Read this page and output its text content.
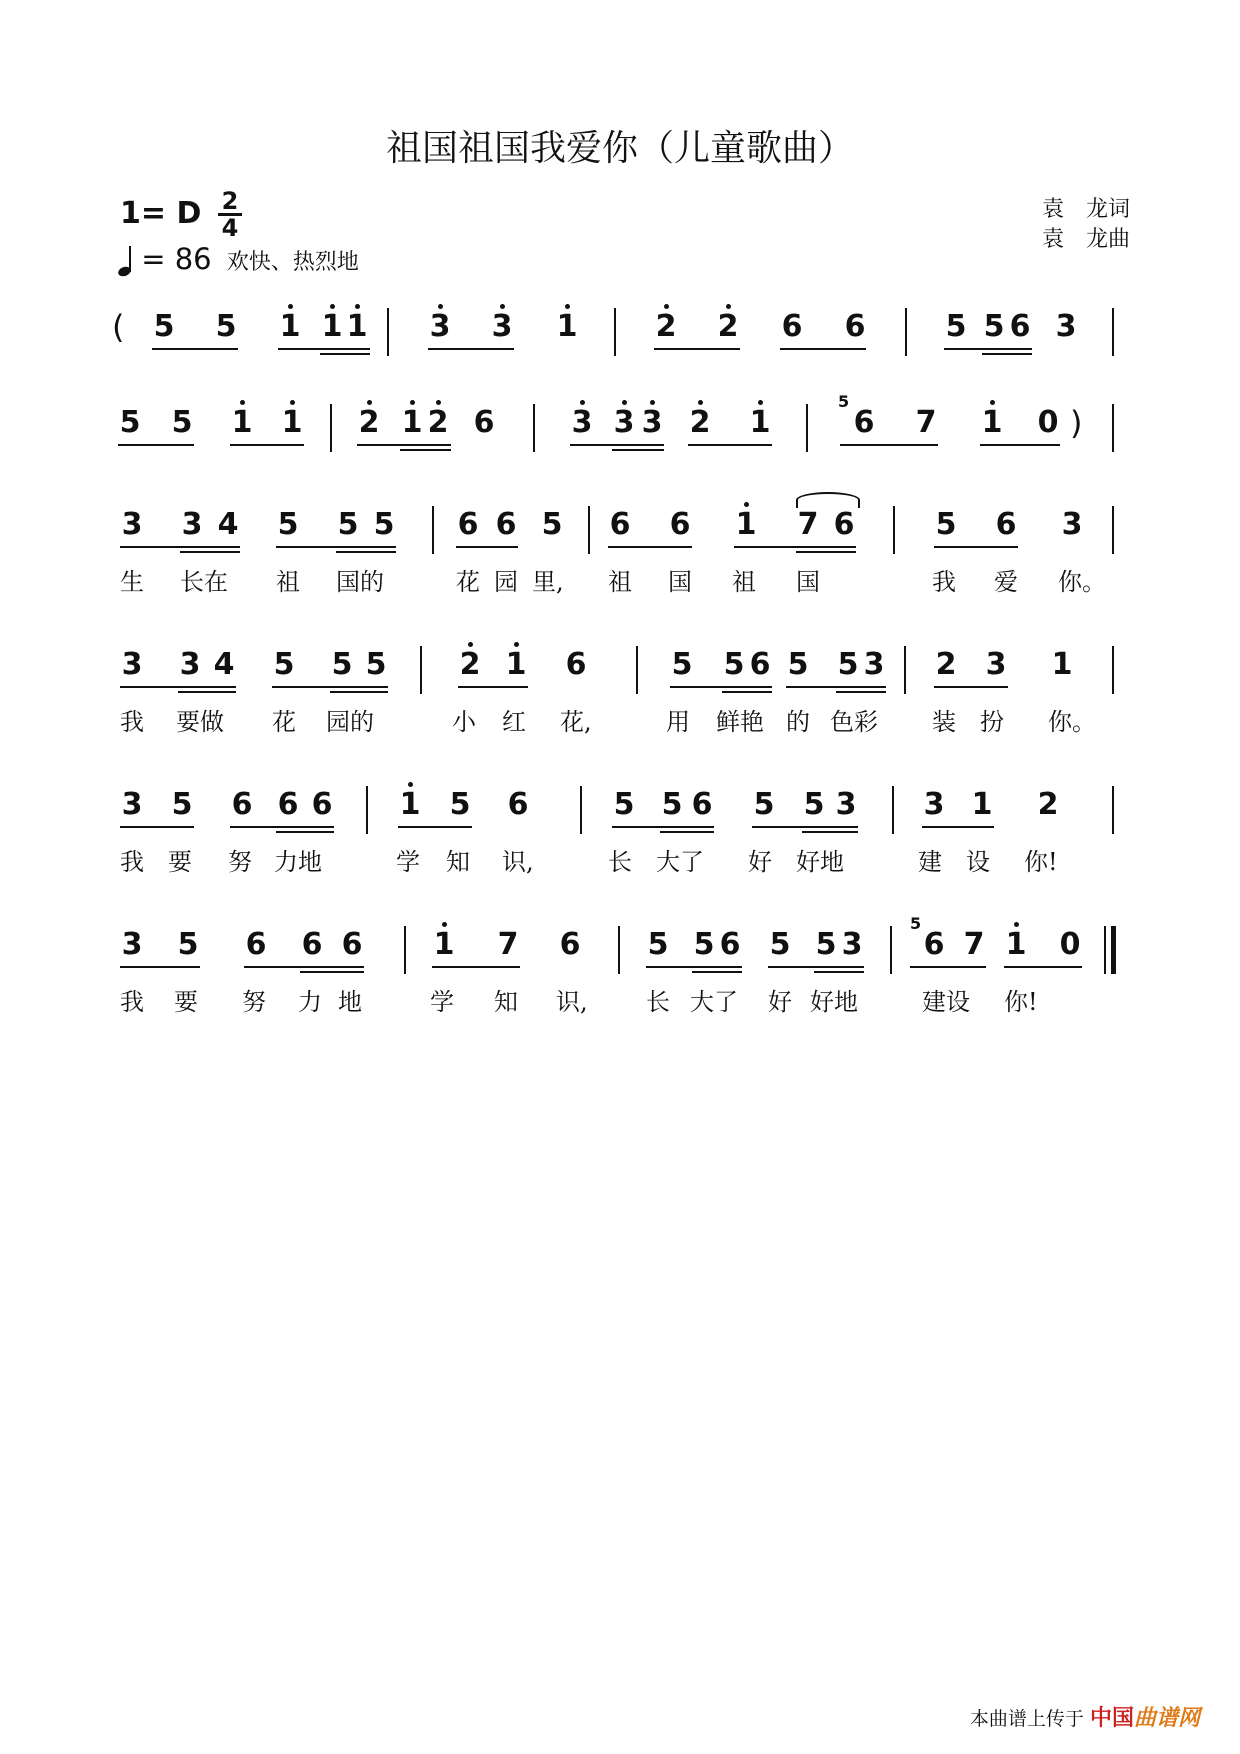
祖国祖国我爱你（儿童歌曲）
1= D 2
4
= 86 欢快、热烈地
袁　龙词
袁　龙曲
( 5 5 1 1 1 3 3 1	2 2 6 6	5 5 6 3
5 5 1 1 2 1 2 6	3 3 3 2 1
5
6 7 1 0 )
3 3 4 5 5 5 6 6 5 6 6 1 7 6	5 6 3
生 长在 祖 国的	花 园 里, 祖 国 祖 国	我 爱 你。
3 3 4 5 5 5 2 1 6	5 5 6 5 5 3 2 3 1
我 要做 花 园的	小 红 花,	用 鲜艳 的 色彩 装 扮 你。
3 5 6 6 6 1 5 6	5 5 6 5 5 3 3 1 2
我 要 努 力地	学 知 识,	长 大了 好 好地	建 设 你!
3 5 6 6 6 1 7 6 5 5 6 5 5 3
5
6 7 1 0
我 要 努 力 地	学 知 识, 长 大了 好 好地	建设 你!
本曲谱上传于 中国曲谱网
